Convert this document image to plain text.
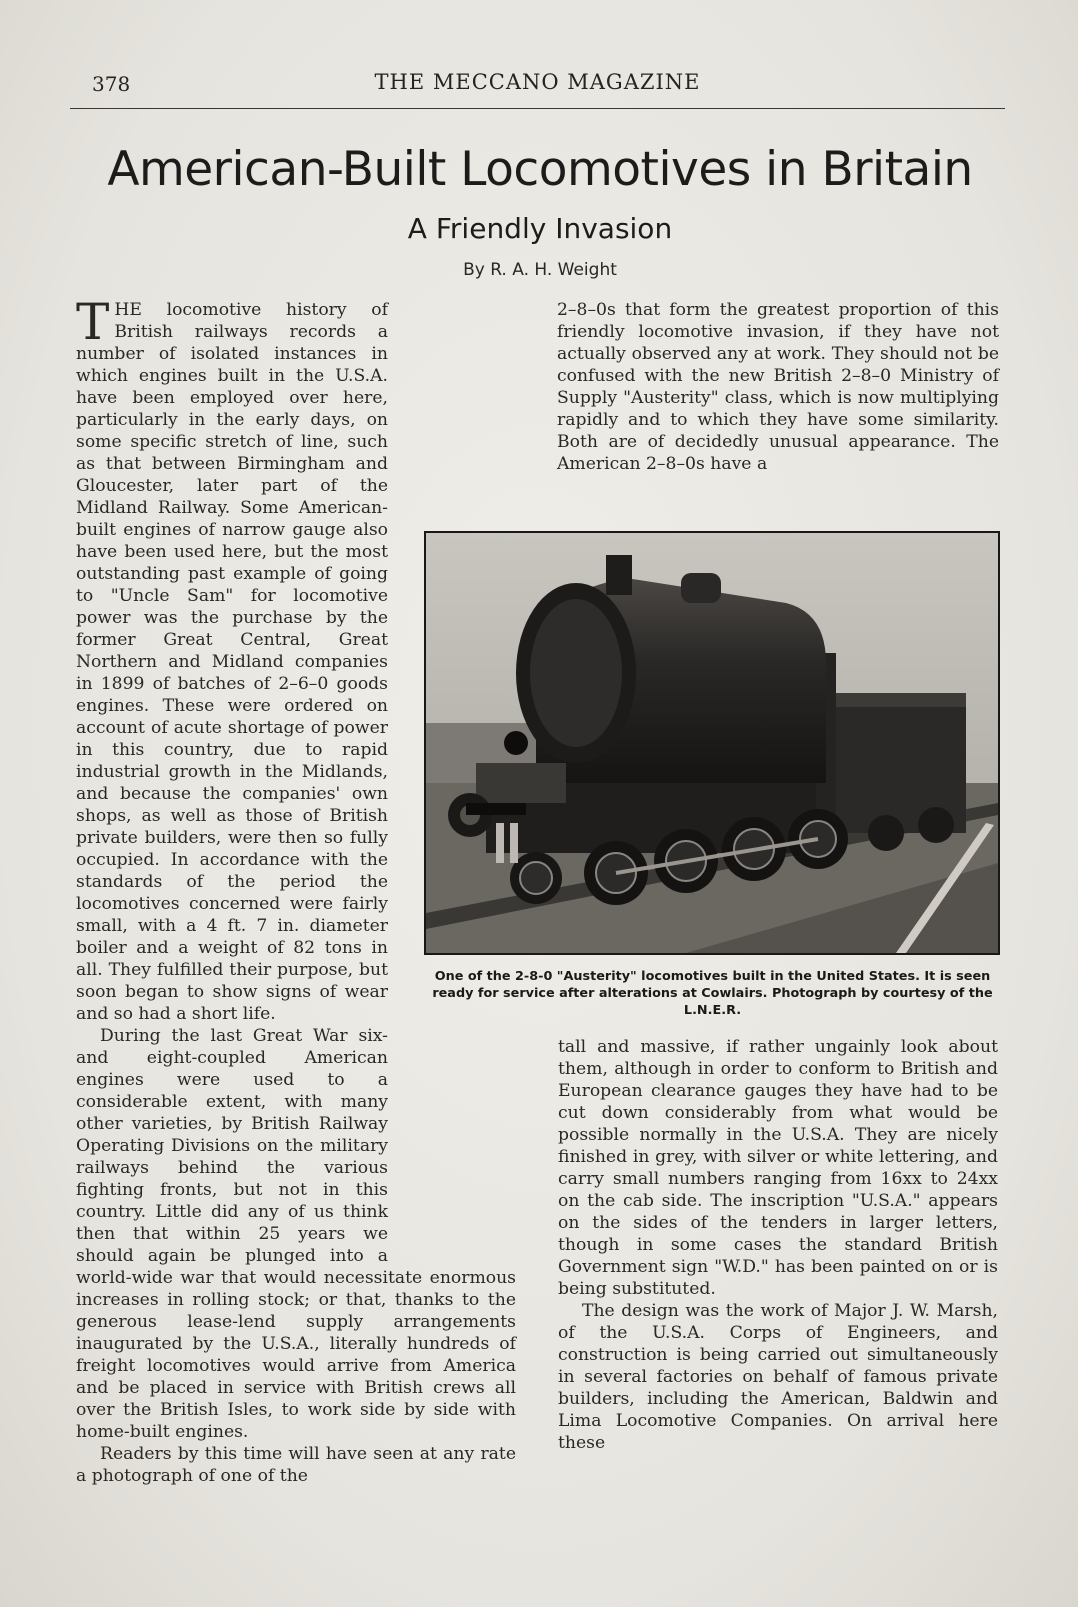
378	THE MECCANO MAGAZINE
American-Built Locomotives in Britain
A Friendly Invasion
By R. A. H. Weight

THE locomotive history of British railways records a number of isolated instances in which engines built in the U.S.A. have been employed over here, particularly in the early days, on some specific stretch of line, such as that between Birmingham and Gloucester, later part of the Midland Railway. Some American-built engines of narrow gauge also have been used here, but the most outstanding past example of going to "Uncle Sam" for locomotive power was the purchase by the former Great Central, Great Northern and Midland companies in 1899 of batches of 2–6–0 goods engines. These were ordered on account of acute shortage of power in this country, due to rapid industrial growth in the Midlands, and because the companies' own shops, as well as those of British private builders, were then so fully occupied. In accordance with the standards of the period the locomotives concerned were fairly small, with a 4 ft. 7 in. diameter boiler and a weight of 82 tons in all. They fulfilled their purpose, but soon began to show signs of wear and so had a short life.

During the last Great War six- and eight-coupled American engines were used to a considerable extent, with many other varieties, by British Railway Operating Divisions on the military railways behind the various fighting fronts, but not in this country. Little did any of us think then that within 25 years we should again be plunged into a world-wide war that would necessitate enormous increases in rolling stock; or that, thanks to the generous lease-lend supply arrangements inaugurated by the U.S.A., literally hundreds of freight locomotives would arrive from America and be placed in service with British crews all over the British Isles, to work side by side with home-built engines.

Readers by this time will have seen at any rate a photograph of one of the

2–8–0s that form the greatest proportion of this friendly locomotive invasion, if they have not actually observed any at work. They should not be confused with the new British 2–8–0 Ministry of Supply "Austerity" class, which is now multiplying rapidly and to which they have some similarity. Both are of decidedly unusual appearance. The American 2–8–0s have a

One of the 2-8-0 "Austerity" locomotives built in the United States. It is seen ready for service after alterations at Cowlairs. Photograph by courtesy of the L.N.E.R.

tall and massive, if rather ungainly look about them, although in order to conform to British and European clearance gauges they have had to be cut down considerably from what would be possible normally in the U.S.A. They are nicely finished in grey, with silver or white lettering, and carry small numbers ranging from 16xx to 24xx on the cab side. The inscription "U.S.A." appears on the sides of the tenders in larger letters, though in some cases the standard British Government sign "W.D." has been painted on or is being substituted.

The design was the work of Major J. W. Marsh, of the U.S.A. Corps of Engineers, and construction is being carried out simultaneously in several factories on behalf of famous private builders, including the American, Baldwin and Lima Locomotive Companies. On arrival here these
